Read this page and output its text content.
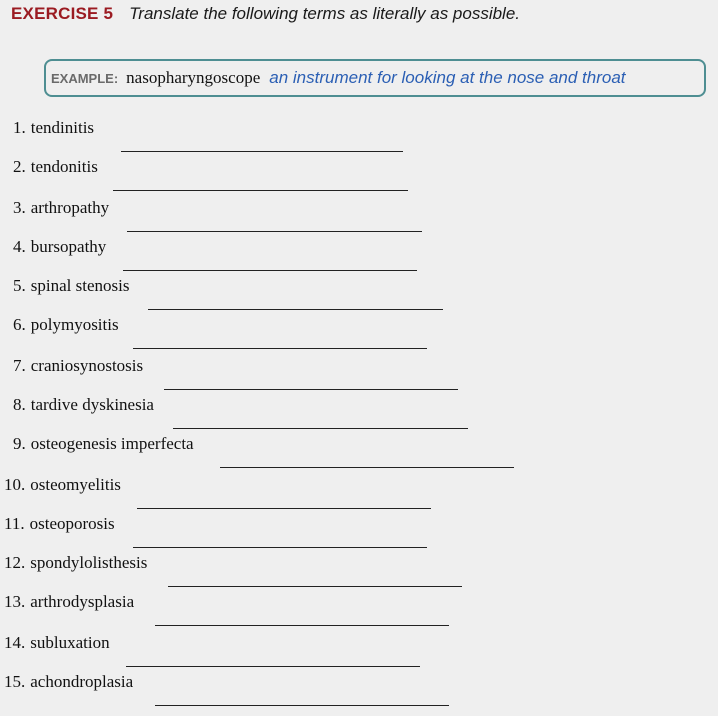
EXERCISE 5 Translate the following terms as literally as possible.
EXAMPLE: nasopharyngoscope an instrument for looking at the nose and throat
1. tendinitis
2. tendonitis
3. arthropathy
4. bursopathy
5. spinal stenosis
6. polymyositis
7. craniosynostosis
8. tardive dyskinesia
9. osteogenesis imperfecta
10. osteomyelitis
11. osteoporosis
12. spondylolisthesis
13. arthrodysplasia
14. subluxation
15. achondroplasia
